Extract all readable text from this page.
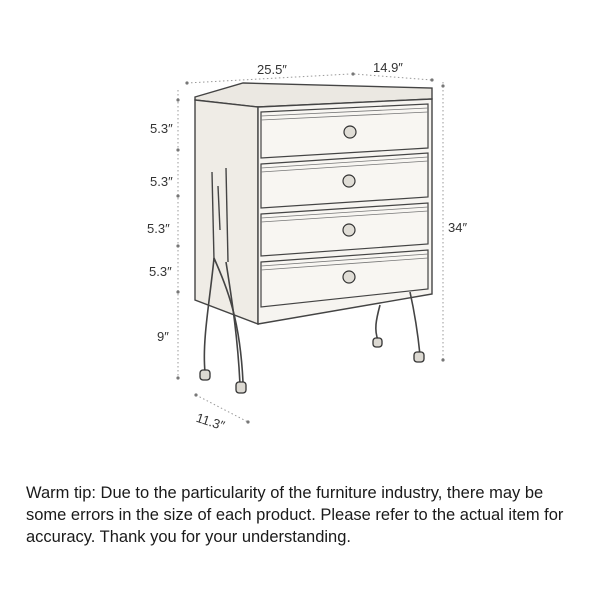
25.5″	14.9″
5.3″
5.3″
5.3″
5.3″
9″
34″
11.3″
Warm tip: Due to the particularity of the furniture industry, there may be some errors in the size of each product. Please refer to the actual item for accuracy. Thank you for your understanding.
